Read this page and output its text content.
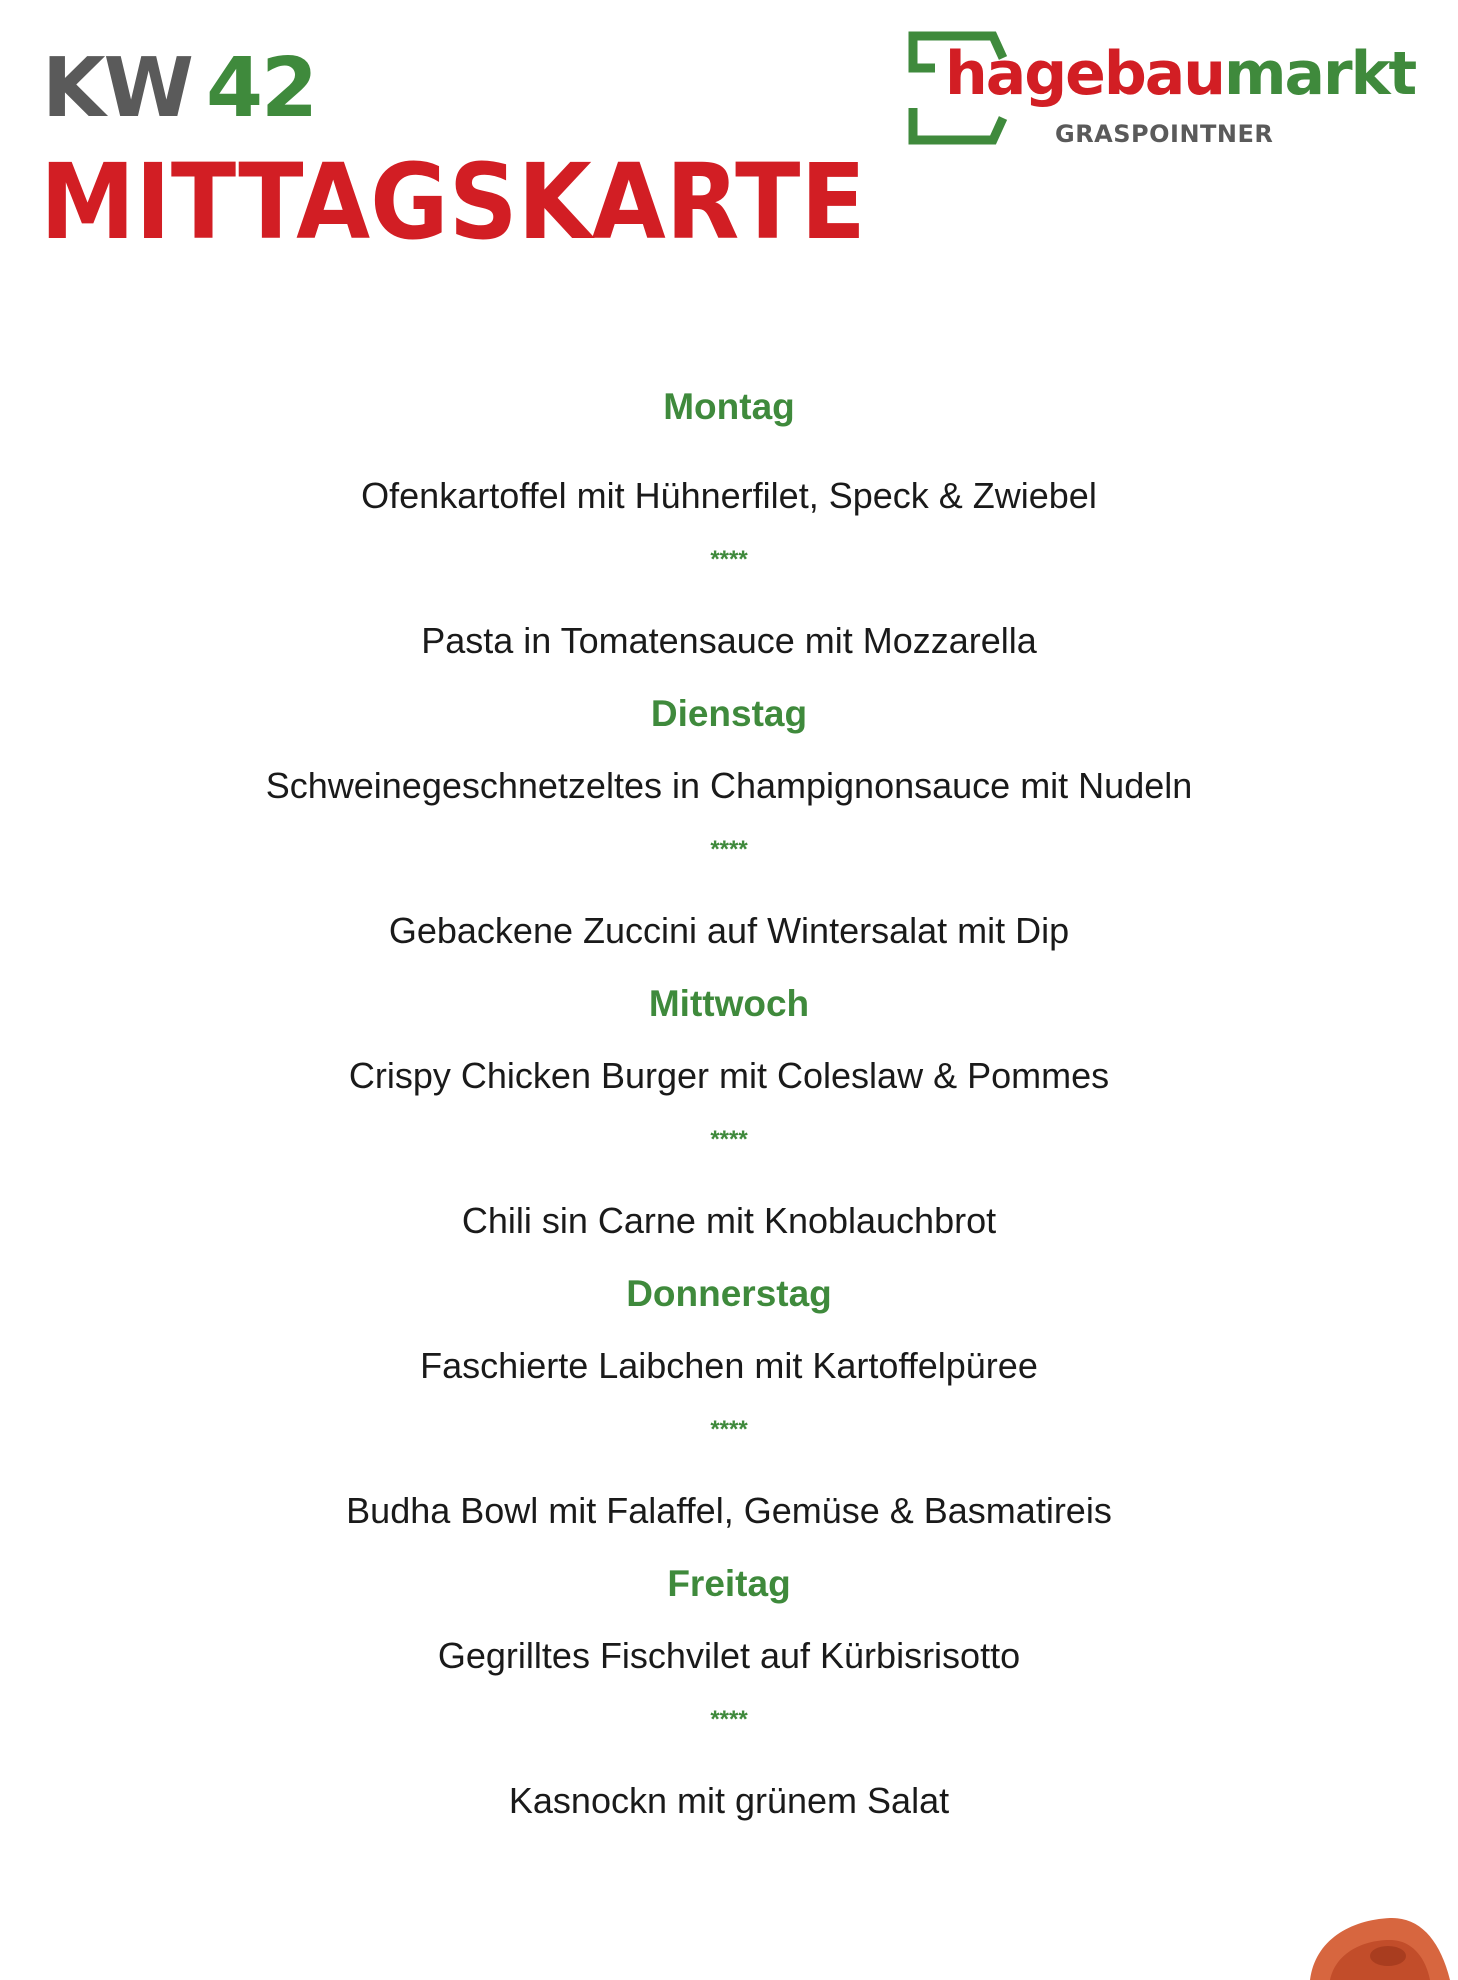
KW 42
MITTAGSKARTE
hagebaumarkt
GRASPOINTNER
Montag
Ofenkartoffel mit Hühnerfilet, Speck & Zwiebel
****
Pasta in Tomatensauce mit Mozzarella
Dienstag
Schweinegeschnetzeltes in Champignonsauce mit Nudeln
****
Gebackene Zuccini auf Wintersalat mit Dip
Mittwoch
Crispy Chicken Burger mit Coleslaw & Pommes
****
Chili sin Carne mit Knoblauchbrot
Donnerstag
Faschierte Laibchen mit Kartoffelpüree
****
Budha Bowl mit Falaffel, Gemüse & Basmatireis
Freitag
Gegrilltes Fischvilet auf Kürbisrisotto
****
Kasnockn mit grünem Salat
